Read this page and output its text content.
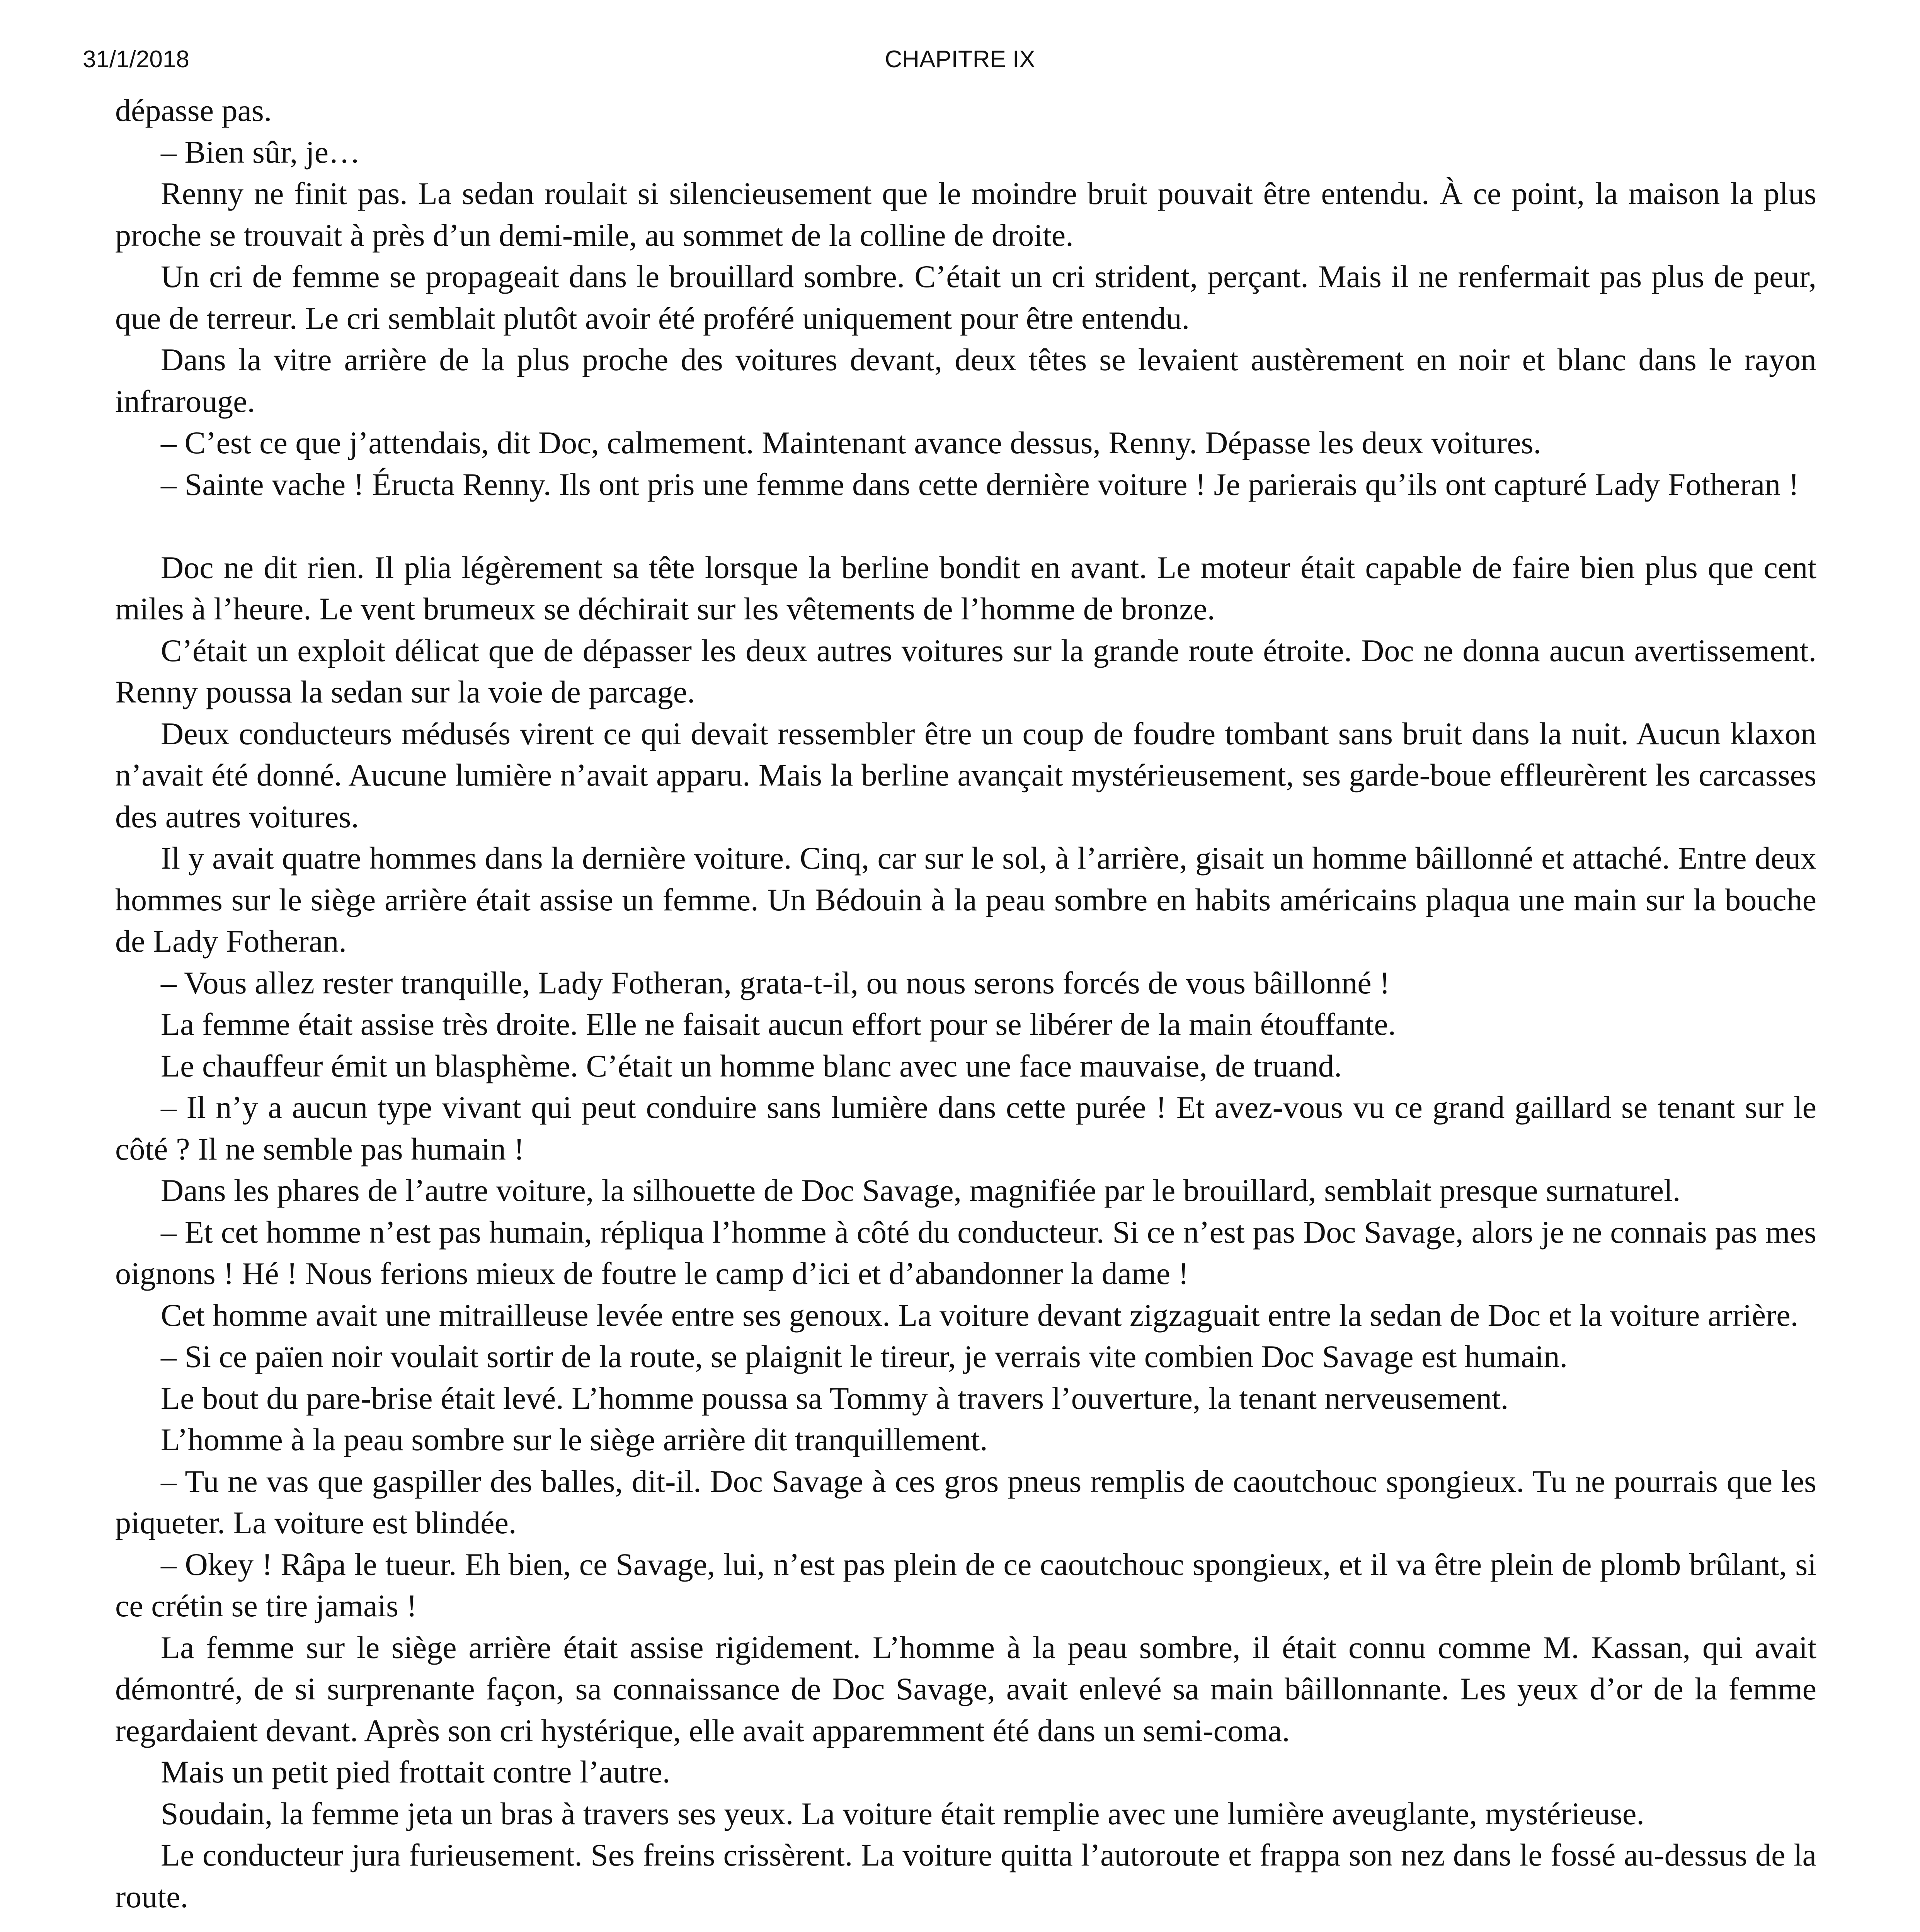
CHAPITRE IX
31/1/2018

dépasse pas.

– Bien sûr, je…

Renny ne finit pas. La sedan roulait si silencieusement que le moindre bruit pouvait être entendu. À ce point, la maison la plus proche se trouvait à près d’un demi-mile, au sommet de la colline de droite.

Un cri de femme se propageait dans le brouillard sombre. C’était un cri strident, perçant. Mais il ne renfermait pas plus de peur, que de terreur. Le cri semblait plutôt avoir été proféré uniquement pour être entendu.

Dans la vitre arrière de la plus proche des voitures devant, deux têtes se levaient austèrement en noir et blanc dans le rayon infrarouge.

– C’est ce que j’attendais, dit Doc, calmement. Maintenant avance dessus, Renny. Dépasse les deux voitures.

– Sainte vache ! Éructa Renny. Ils ont pris une femme dans cette dernière voiture ! Je parierais qu’ils ont capturé Lady Fotheran !

Doc ne dit rien. Il plia légèrement sa tête lorsque la berline bondit en avant. Le moteur était capable de faire bien plus que cent miles à l’heure. Le vent brumeux se déchirait sur les vêtements de l’homme de bronze.

C’était un exploit délicat que de dépasser les deux autres voitures sur la grande route étroite. Doc ne donna aucun avertissement. Renny poussa la sedan sur la voie de parcage.

Deux conducteurs médusés virent ce qui devait ressembler être un coup de foudre tombant sans bruit dans la nuit. Aucun klaxon n’avait été donné. Aucune lumière n’avait apparu. Mais la berline avançait mystérieusement, ses garde-boue effleurèrent les carcasses des autres voitures.

Il y avait quatre hommes dans la dernière voiture. Cinq, car sur le sol, à l’arrière, gisait un homme bâillonné et attaché. Entre deux hommes sur le siège arrière était assise un femme. Un Bédouin à la peau sombre en habits américains plaqua une main sur la bouche de Lady Fotheran.

– Vous allez rester tranquille, Lady Fotheran, grata-t-il, ou nous serons forcés de vous bâillonné !

La femme était assise très droite. Elle ne faisait aucun effort pour se libérer de la main étouffante.

Le chauffeur émit un blasphème. C’était un homme blanc avec une face mauvaise, de truand.

– Il n’y a aucun type vivant qui peut conduire sans lumière dans cette purée ! Et avez-vous vu ce grand gaillard se tenant sur le côté ? Il ne semble pas humain !

Dans les phares de l’autre voiture, la silhouette de Doc Savage, magnifiée par le brouillard, semblait presque surnaturel.

– Et cet homme n’est pas humain, répliqua l’homme à côté du conducteur. Si ce n’est pas Doc Savage, alors je ne connais pas mes oignons ! Hé ! Nous ferions mieux de foutre le camp d’ici et d’abandonner la dame !

Cet homme avait une mitrailleuse levée entre ses genoux. La voiture devant zigzaguait entre la sedan de Doc et la voiture arrière.

– Si ce païen noir voulait sortir de la route, se plaignit le tireur, je verrais vite combien Doc Savage est humain.

Le bout du pare-brise était levé. L’homme poussa sa Tommy à travers l’ouverture, la tenant nerveusement.

L’homme à la peau sombre sur le siège arrière dit tranquillement.

– Tu ne vas que gaspiller des balles, dit-il. Doc Savage à ces gros pneus remplis de caoutchouc spongieux. Tu ne pourrais que les piqueter. La voiture est blindée.

– Okey ! Râpa le tueur. Eh bien, ce Savage, lui, n’est pas plein de ce caoutchouc spongieux, et il va être plein de plomb brûlant, si ce crétin se tire jamais !

La femme sur le siège arrière était assise rigidement. L’homme à la peau sombre, il était connu comme M. Kassan, qui avait démontré, de si surprenante façon, sa connaissance de Doc Savage, avait enlevé sa main bâillonnante. Les yeux d’or de la femme regardaient devant. Après son cri hystérique, elle avait apparemment été dans un semi-coma.

Mais un petit pied frottait contre l’autre.

Soudain, la femme jeta un bras à travers ses yeux. La voiture était remplie avec une lumière aveuglante, mystérieuse.

Le conducteur jura furieusement. Ses freins crissèrent. La voiture quitta l’autoroute et frappa son nez dans le fossé au-dessus de la route.
